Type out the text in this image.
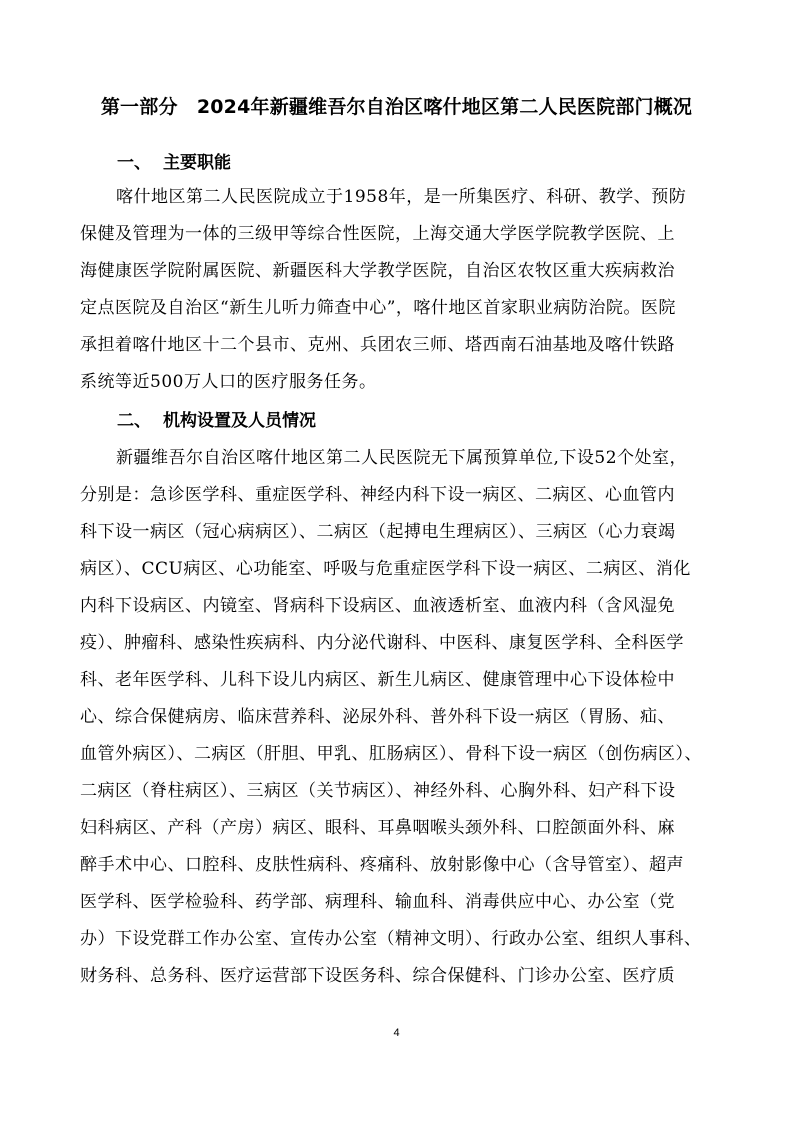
第一部分　2024年新疆维吾尔自治区喀什地区第二人民医院部门概况
一、 主要职能
喀什地区第二人民医院成立于1958年，是一所集医疗、科研、教学、预防
保健及管理为一体的三级甲等综合性医院，上海交通大学医学院教学医院、上
海健康医学院附属医院、新疆医科大学教学医院，自治区农牧区重大疾病救治
定点医院及自治区“新生儿听力筛查中心”，喀什地区首家职业病防治院。医院
承担着喀什地区十二个县市、克州、兵团农三师、塔西南石油基地及喀什铁路
系统等近500万人口的医疗服务任务。
二、 机构设置及人员情况
新疆维吾尔自治区喀什地区第二人民医院无下属预算单位,下设52个处室，
分别是：急诊医学科、重症医学科、神经内科下设一病区、二病区、心血管内
科下设一病区（冠心病病区）、二病区（起搏电生理病区）、三病区（心力衰竭
病区）、CCU病区、心功能室、呼吸与危重症医学科下设一病区、二病区、消化
内科下设病区、内镜室、肾病科下设病区、血液透析室、血液内科（含风湿免
疫）、肿瘤科、感染性疾病科、内分泌代谢科、中医科、康复医学科、全科医学
科、老年医学科、儿科下设儿内病区、新生儿病区、健康管理中心下设体检中
心、综合保健病房、临床营养科、泌尿外科、普外科下设一病区（胃肠、疝、
血管外病区）、二病区（肝胆、甲乳、肛肠病区）、骨科下设一病区（创伤病区）、
二病区（脊柱病区）、三病区（关节病区）、神经外科、心胸外科、妇产科下设
妇科病区、产科（产房）病区、眼科、耳鼻咽喉头颈外科、口腔颌面外科、麻
醉手术中心、口腔科、皮肤性病科、疼痛科、放射影像中心（含导管室）、超声
医学科、医学检验科、药学部、病理科、输血科、消毒供应中心、办公室（党
办）下设党群工作办公室、宣传办公室（精神文明）、行政办公室、组织人事科、
财务科、总务科、医疗运营部下设医务科、综合保健科、门诊办公室、医疗质
4
